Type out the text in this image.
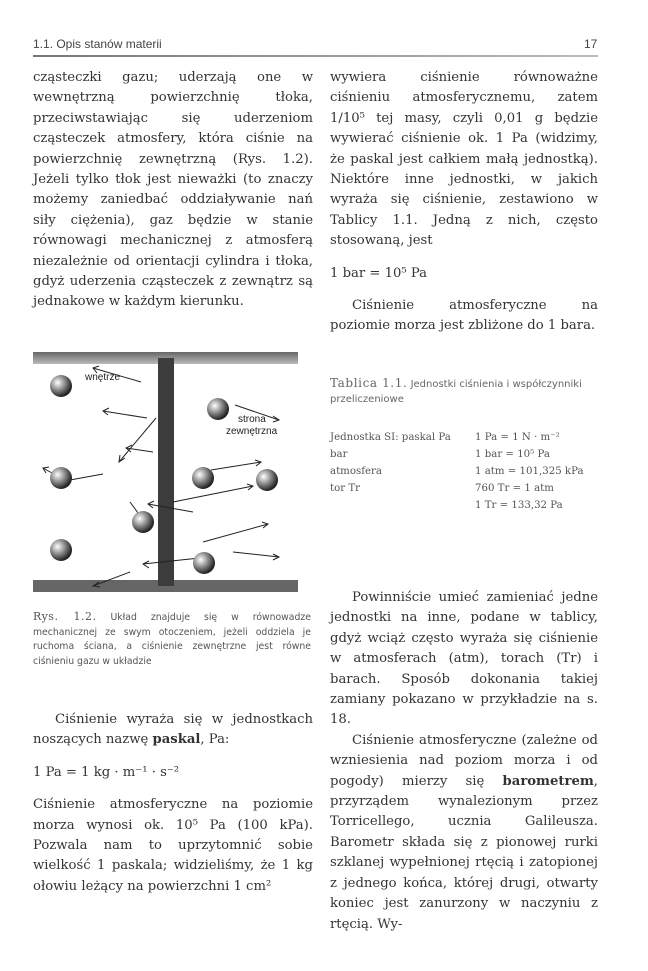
1.1. Opis stanów materii	17

cząsteczki gazu; uderzają one w wewnętrzną powierzchnię tłoka, przeciwstawiając się uderzeniom cząsteczek atmosfery, która ciśnie na powierzchnię zewnętrzną (Rys. 1.2). Jeżeli tylko tłok jest nieważki (to znaczy możemy zaniedbać oddziaływanie nań siły ciężenia), gaz będzie w stanie równowagi mechanicznej z atmosferą niezależnie od orientacji cylindra i tłoka, gdyż uderzenia cząsteczek z zewnątrz są jednakowe w każdym kierunku.

wnętrze
strona
zewnętrzna
Rys. 1.2. Układ znajduje się w równowadze mechanicznej ze swym otoczeniem, jeżeli oddziela je ruchoma ściana, a ciśnienie zewnętrzne jest równe ciśnieniu gazu w układzie

Ciśnienie wyraża się w jednostkach noszących nazwę paskal, Pa:

1 Pa = 1 kg · m⁻¹ · s⁻²

Ciśnienie atmosferyczne na poziomie morza wynosi ok. 10⁵ Pa (100 kPa). Pozwala nam to uprzytomnić sobie wielkość 1 paskala; widzieliśmy, że 1 kg ołowiu leżący na powierzchni 1 cm²

wywiera ciśnienie równoważne ciśnieniu atmosferycznemu, zatem 1/10⁵ tej masy, czyli 0,01 g będzie wywierać ciśnienie ok. 1 Pa (widzimy, że paskal jest całkiem małą jednostką). Niektóre inne jednostki, w jakich wyraża się ciśnienie, zestawiono w Tablicy 1.1. Jedną z nich, często stosowaną, jest

1 bar = 10⁵ Pa

Ciśnienie atmosferyczne na poziomie morza jest zbliżone do 1 bara.

Tablica 1.1. Jednostki ciśnienia i współczynniki przeliczeniowe
Jednostka SI: paskal Pa	1 Pa = 1 N · m⁻²
bar	1 bar = 10⁵ Pa
atmosfera	1 atm = 101,325 kPa
tor Tr	760 Tr = 1 atm
	1 Tr = 133,32 Pa

Powinniście umieć zamieniać jedne jednostki na inne, podane w tablicy, gdyż wciąż często wyraża się ciśnienie w atmosferach (atm), torach (Tr) i barach. Sposób dokonania takiej zamiany pokazano w przykładzie na s. 18.

Ciśnienie atmosferyczne (zależne od wzniesienia nad poziom morza i od pogody) mierzy się barometrem, przyrządem wynalezionym przez Torricellego, ucznia Galileusza. Barometr składa się z pionowej rurki szklanej wypełnionej rtęcią i zatopionej z jednego końca, której drugi, otwarty koniec jest zanurzony w naczyniu z rtęcią. Wy-
